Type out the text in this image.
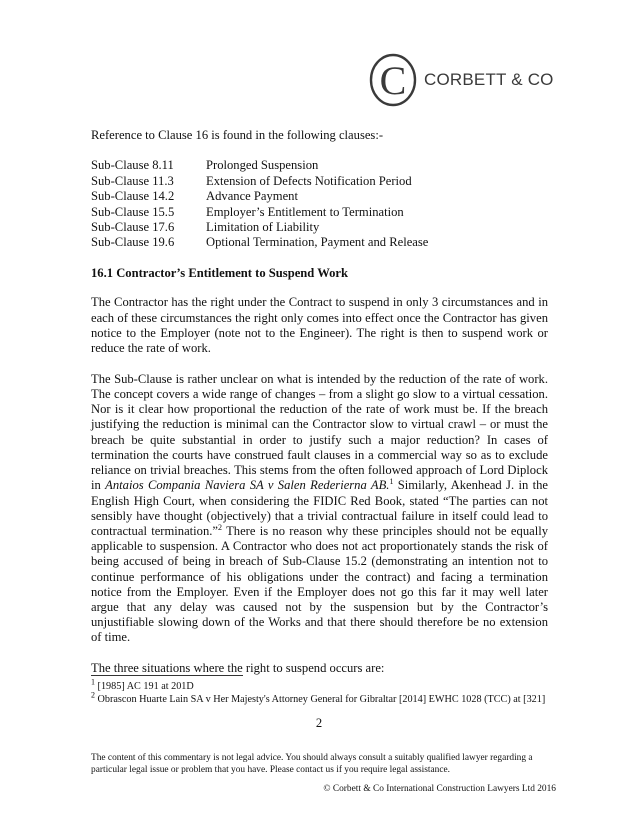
C CORBETT & CO

Reference to Clause 16 is found in the following clauses:-

Sub-Clause 8.11	Prolonged Suspension
Sub-Clause 11.3	Extension of Defects Notification Period
Sub-Clause 14.2	Advance Payment
Sub-Clause 15.5	Employer’s Entitlement to Termination
Sub-Clause 17.6	Limitation of Liability
Sub-Clause 19.6	Optional Termination, Payment and Release

16.1 Contractor’s Entitlement to Suspend Work

The Contractor has the right under the Contract to suspend in only 3 circumstances and in each of these circumstances the right only comes into effect once the Contractor has given notice to the Employer (note not to the Engineer). The right is then to suspend work or reduce the rate of work.

The Sub-Clause is rather unclear on what is intended by the reduction of the rate of work. The concept covers a wide range of changes – from a slight go slow to a virtual cessation. Nor is it clear how proportional the reduction of the rate of work must be. If the breach justifying the reduction is minimal can the Contractor slow to virtual crawl – or must the breach be quite substantial in order to justify such a major reduction? In cases of termination the courts have construed fault clauses in a commercial way so as to exclude reliance on trivial breaches. This stems from the often followed approach of Lord Diplock in Antaios Compania Naviera SA v Salen Rederierna AB.$^1$ Similarly, Akenhead J. in the English High Court, when considering the FIDIC Red Book, stated “The parties can not sensibly have thought (objectively) that a trivial contractual failure in itself could lead to contractual termination.”$^2$ There is no reason why these principles should not be equally applicable to suspension. A Contractor who does not act proportionately stands the risk of being accused of being in breach of Sub-Clause 15.2 (demonstrating an intention not to continue performance of his obligations under the contract) and facing a termination notice from the Employer. Even if the Employer does not go this far it may well later argue that any delay was caused not by the suspension but by the Contractor’s unjustifiable slowing down of the Works and that there should therefore be no extension of time.

The three situations where the right to suspend occurs are:

$^1$ [1985] AC 191 at 201D
$^2$ Obrascon Huarte Lain SA v Her Majesty's Attorney General for Gibraltar [2014] EWHC 1028 (TCC) at [321]
2
The content of this commentary is not legal advice. You should always consult a suitably qualified lawyer regarding a particular legal issue or problem that you have. Please contact us if you require legal assistance.
© Corbett & Co International Construction Lawyers Ltd 2016
